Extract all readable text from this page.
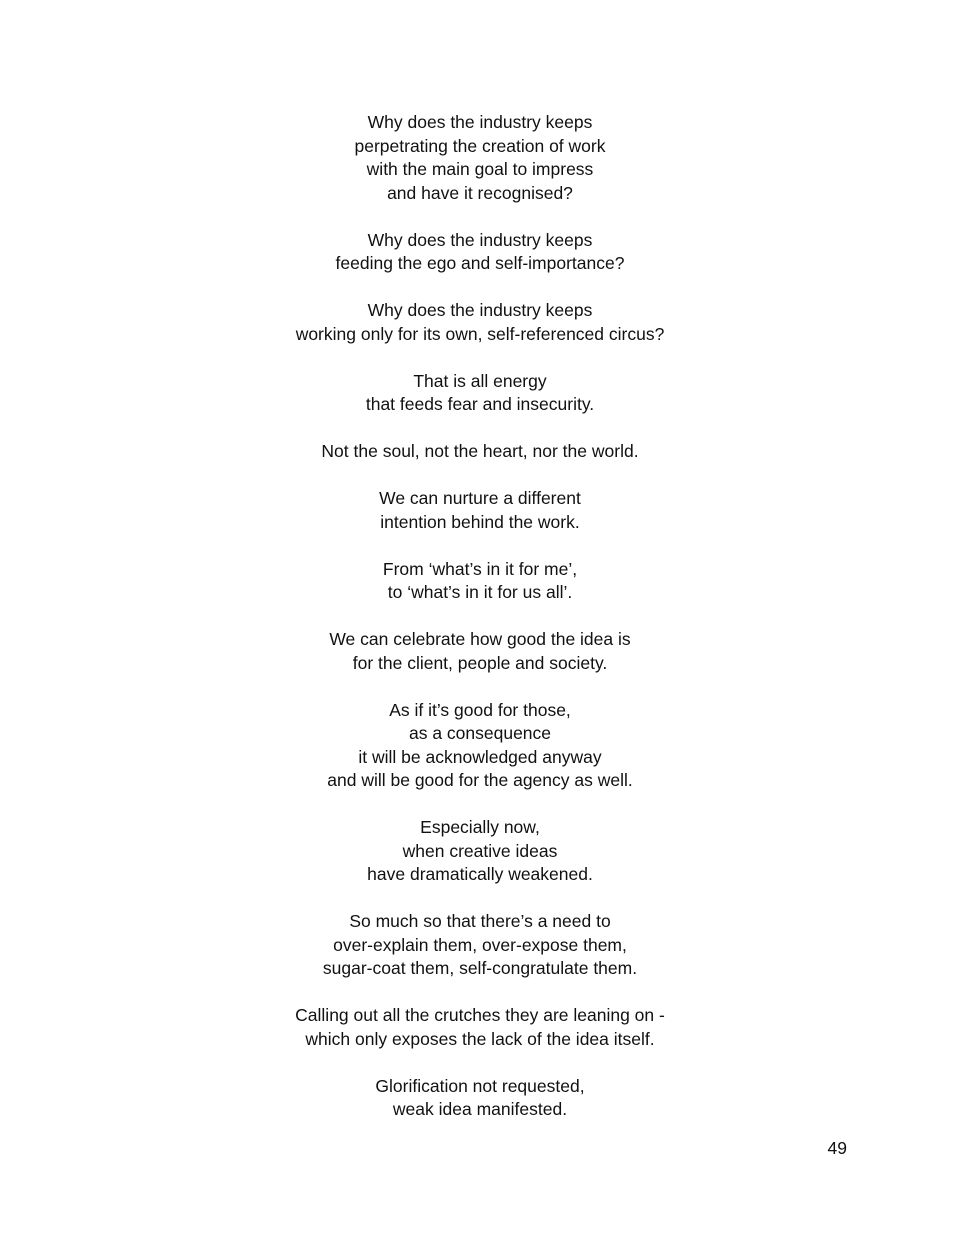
Why does the industry keeps
perpetrating the creation of work
with the main goal to impress
and have it recognised?
Why does the industry keeps
feeding the ego and self-importance?
Why does the industry keeps
working only for its own, self-referenced circus?
That is all energy
that feeds fear and insecurity.
Not the soul, not the heart, nor the world.
We can nurture a different
intention behind the work.
From ‘what’s in it for me’,
to ‘what’s in it for us all’.
We can celebrate how good the idea is
for the client, people and society.
As if it’s good for those,
as a consequence
it will be acknowledged anyway
and will be good for the agency as well.
Especially now,
when creative ideas
have dramatically weakened.
So much so that there’s a need to
over-explain them, over-expose them,
sugar-coat them, self-congratulate them.
Calling out all the crutches they are leaning on -
which only exposes the lack of the idea itself.
Glorification not requested,
weak idea manifested.
49
